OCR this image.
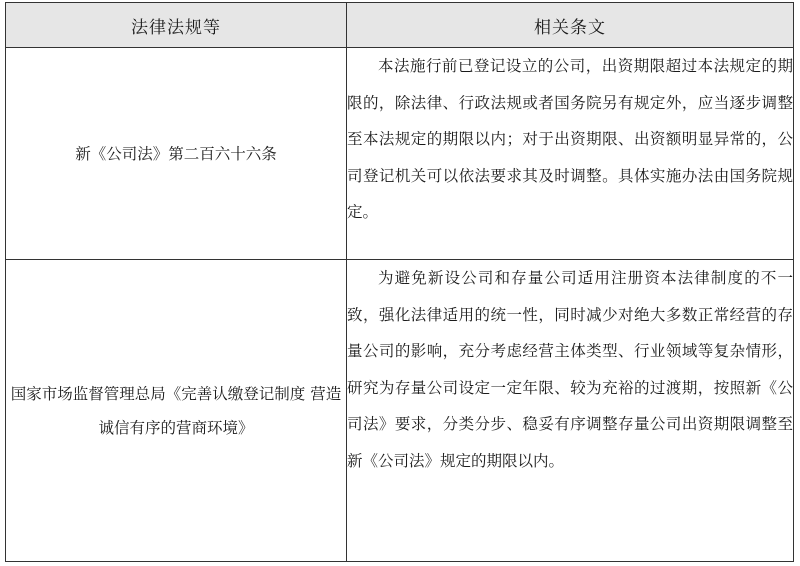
法律法规等	相关条文
新《公司法》第二百六十六条	本法施行前已登记设立的公司，出资期限超过本法规定的期限的，除法律、行政法规或者国务院另有规定外，应当逐步调整至本法规定的期限以内；对于出资期限、出资额明显异常的，公司登记机关可以依法要求其及时调整。具体实施办法由国务院规定。
国家市场监督管理总局《完善认缴登记制度 营造诚信有序的营商环境》	为避免新设公司和存量公司适用注册资本法律制度的不一致，强化法律适用的统一性，同时减少对绝大多数正常经营的存量公司的影响，充分考虑经营主体类型、行业领域等复杂情形，研究为存量公司设定一定年限、较为充裕的过渡期，按照新《公司法》要求，分类分步、稳妥有序调整存量公司出资期限调整至新《公司法》规定的期限以内。
